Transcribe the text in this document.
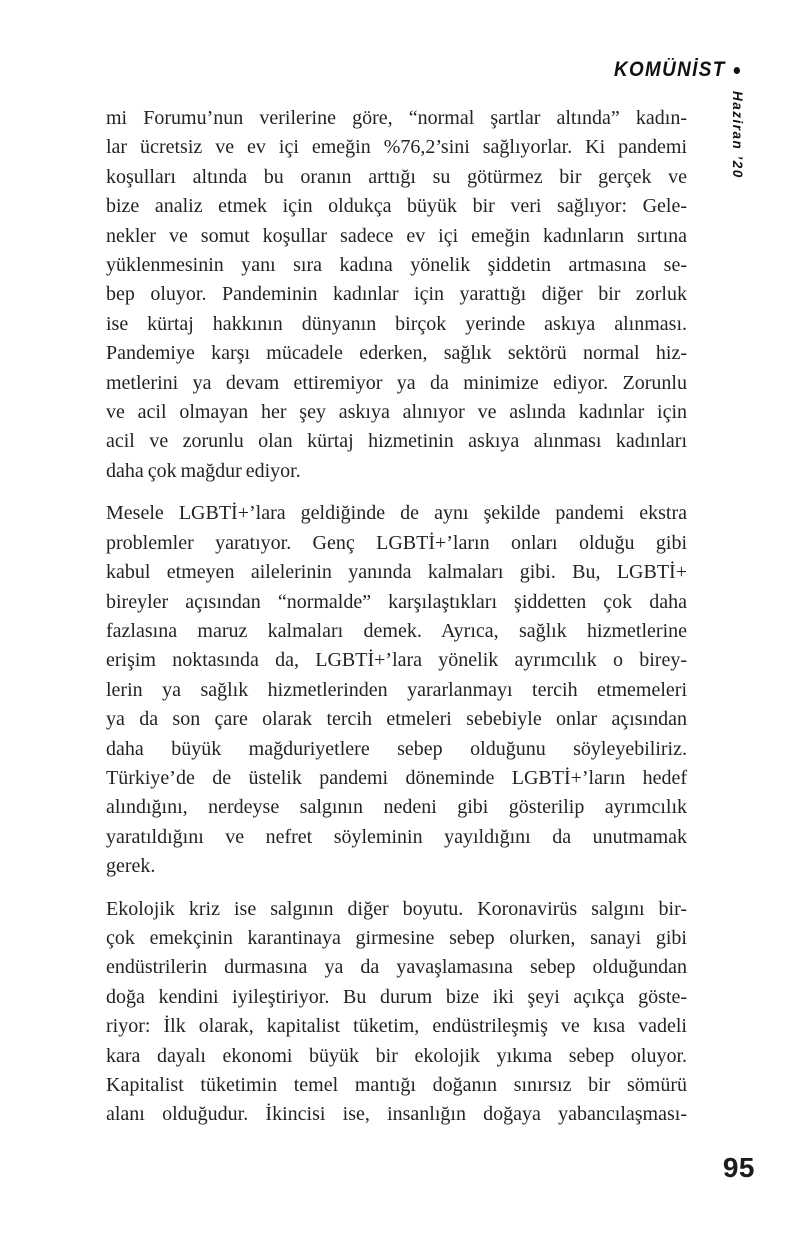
KOMÜNİST
Haziran ’20
mi Forumu’nun verilerine göre, “normal şartlar altında” kadın-
lar ücretsiz ve ev içi emeğin %76,2’sini sağlıyorlar. Ki pandemi
koşulları altında bu oranın arttığı su götürmez bir gerçek ve
bize analiz etmek için oldukça büyük bir veri sağlıyor: Gele-
nekler ve somut koşullar sadece ev içi emeğin kadınların sırtına
yüklenmesinin yanı sıra kadına yönelik şiddetin artmasına se-
bep oluyor. Pandeminin kadınlar için yarattığı diğer bir zorluk
ise kürtaj hakkının dünyanın birçok yerinde askıya alınması.
Pandemiye karşı mücadele ederken, sağlık sektörü normal hiz-
metlerini ya devam ettiremiyor ya da minimize ediyor. Zorunlu
ve acil olmayan her şey askıya alınıyor ve aslında kadınlar için
acil ve zorunlu olan kürtaj hizmetinin askıya alınması kadınları
daha çok mağdur ediyor.
Mesele LGBTİ+’lara geldiğinde de aynı şekilde pandemi ekstra
problemler yaratıyor. Genç LGBTİ+’ların onları olduğu gibi
kabul etmeyen ailelerinin yanında kalmaları gibi. Bu, LGBTİ+
bireyler açısından “normalde” karşılaştıkları şiddetten çok daha
fazlasına maruz kalmaları demek. Ayrıca, sağlık hizmetlerine
erişim noktasında da, LGBTİ+’lara yönelik ayrımcılık o birey-
lerin ya sağlık hizmetlerinden yararlanmayı tercih etmemeleri
ya da son çare olarak tercih etmeleri sebebiyle onlar açısından
daha büyük mağduriyetlere sebep olduğunu söyleyebiliriz.
Türkiye’de de üstelik pandemi döneminde LGBTİ+’ların hedef
alındığını, nerdeyse salgının nedeni gibi gösterilip ayrımcılık
yaratıldığını ve nefret söyleminin yayıldığını da unutmamak
gerek.
Ekolojik kriz ise salgının diğer boyutu. Koronavirüs salgını bir-
çok emekçinin karantinaya girmesine sebep olurken, sanayi gibi
endüstrilerin durmasına ya da yavaşlamasına sebep olduğundan
doğa kendini iyileştiriyor. Bu durum bize iki şeyi açıkça göste-
riyor: İlk olarak, kapitalist tüketim, endüstrileşmiş ve kısa vadeli
kara dayalı ekonomi büyük bir ekolojik yıkıma sebep oluyor.
Kapitalist tüketimin temel mantığı doğanın sınırsız bir sömürü
alanı olduğudur. İkincisi ise, insanlığın doğaya yabancılaşması-
95
